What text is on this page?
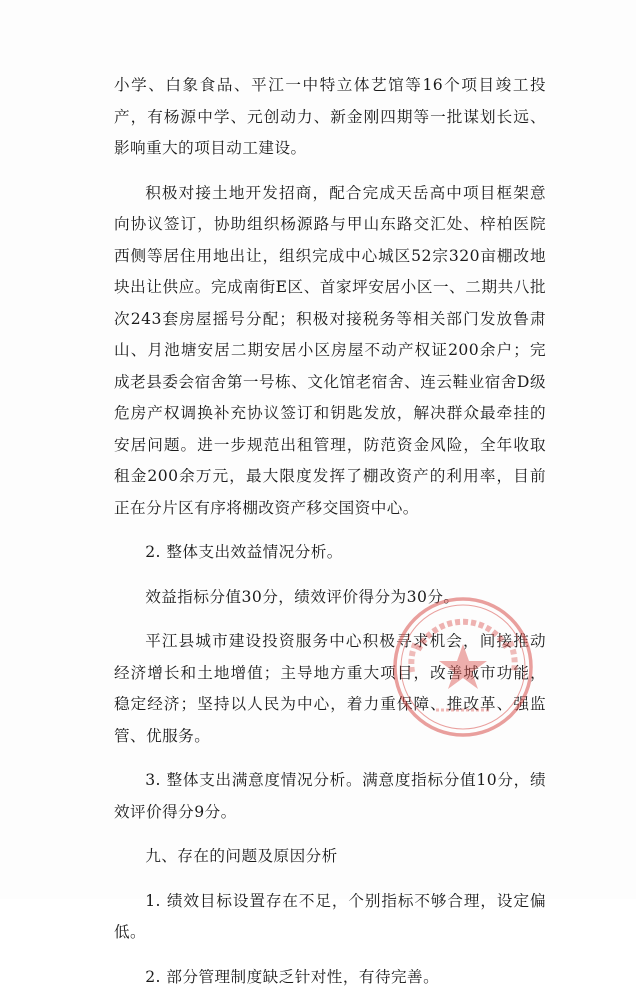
小学、白象食品、平江一中特立体艺馆等16个项目竣工投产，有杨源中学、元创动力、新金刚四期等一批谋划长远、影响重大的项目动工建设。

积极对接土地开发招商，配合完成天岳高中项目框架意向协议签订，协助组织杨源路与甲山东路交汇处、梓柏医院西侧等居住用地出让，组织完成中心城区52宗320亩棚改地块出让供应。完成南街E区、首家坪安居小区一、二期共八批次243套房屋摇号分配；积极对接税务等相关部门发放鲁肃山、月池塘安居二期安居小区房屋不动产权证200余户；完成老县委会宿舍第一号栋、文化馆老宿舍、连云鞋业宿舍D级危房产权调换补充协议签订和钥匙发放，解决群众最牵挂的安居问题。进一步规范出租管理，防范资金风险，全年收取租金200余万元，最大限度发挥了棚改资产的利用率，目前正在分片区有序将棚改资产移交国资中心。

2. 整体支出效益情况分析。

效益指标分值30分，绩效评价得分为30分。

平江县城市建设投资服务中心积极寻求机会，间接推动经济增长和土地增值；主导地方重大项目，改善城市功能，稳定经济；坚持以人民为中心，着力重保障、推改革、强监管、优服务。

3. 整体支出满意度情况分析。满意度指标分值10分，绩效评价得分9分。

九、存在的问题及原因分析

1. 绩效目标设置存在不足，个别指标不够合理，设定偏低。

2. 部分管理制度缺乏针对性，有待完善。
